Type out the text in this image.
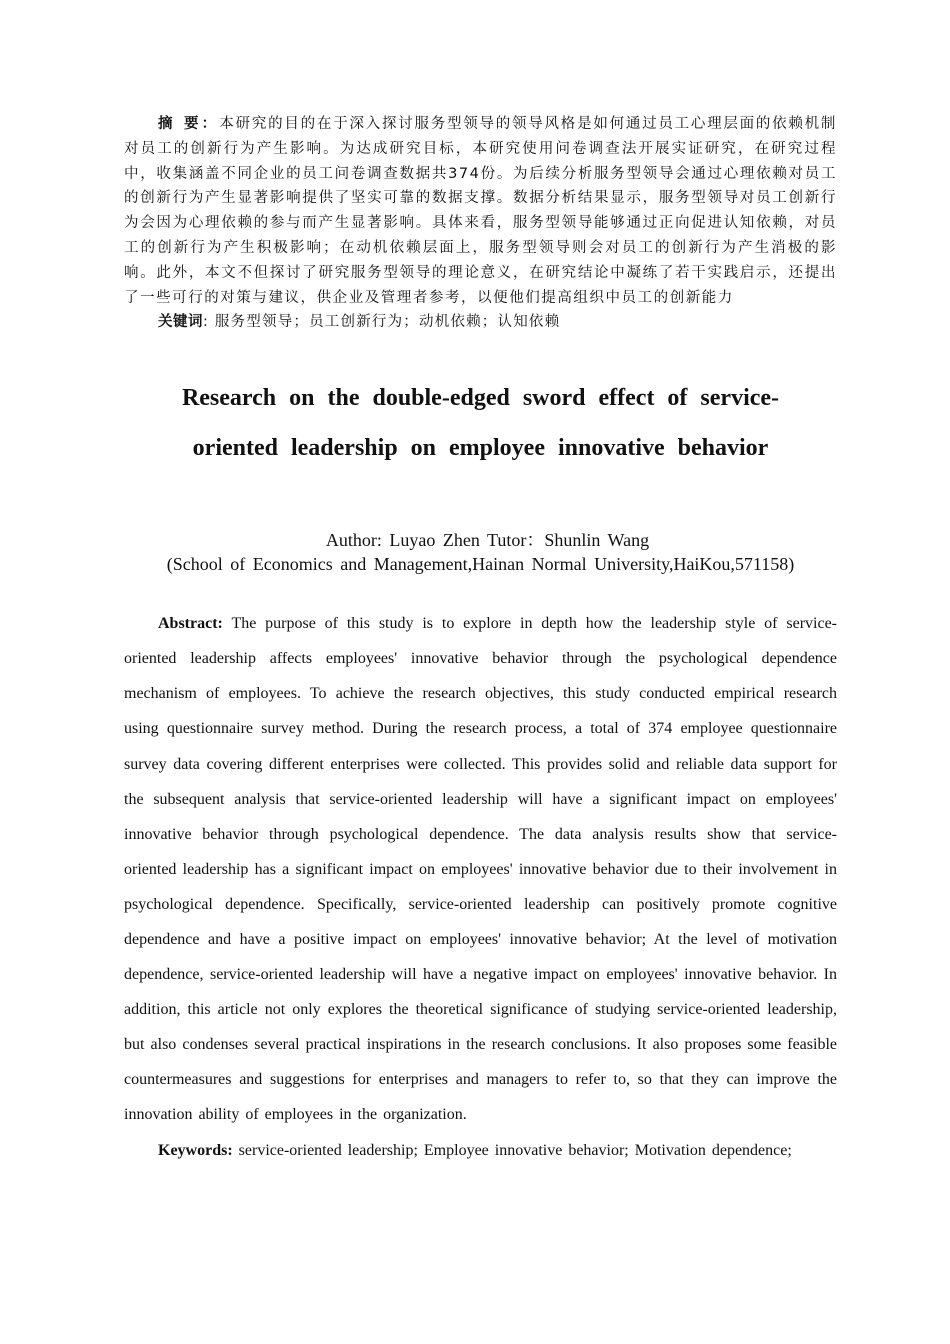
摘 要：本研究的目的在于深入探讨服务型领导的领导风格是如何通过员工心理层面的依赖机制对员工的创新行为产生影响。为达成研究目标，本研究使用问卷调查法开展实证研究，在研究过程中，收集涵盖不同企业的员工问卷调查数据共374份。为后续分析服务型领导会通过心理依赖对员工的创新行为产生显著影响提供了坚实可靠的数据支撑。数据分析结果显示，服务型领导对员工创新行为会因为心理依赖的参与而产生显著影响。具体来看，服务型领导能够通过正向促进认知依赖，对员工的创新行为产生积极影响；在动机依赖层面上，服务型领导则会对员工的创新行为产生消极的影响。此外，本文不但探讨了研究服务型领导的理论意义，在研究结论中凝练了若干实践启示，还提出了一些可行的对策与建议，供企业及管理者参考，以便他们提高组织中员工的创新能力

关键词: 服务型领导；员工创新行为；动机依赖；认知依赖

Research on the double-edged sword effect of service-
oriented leadership on employee innovative behavior
Author: Luyao Zhen Tutor：Shunlin Wang
(School of Economics and Management,Hainan Normal University,HaiKou,571158)

Abstract: The purpose of this study is to explore in depth how the leadership style of service-oriented leadership affects employees' innovative behavior through the psychological dependence mechanism of employees. To achieve the research objectives, this study conducted empirical research using questionnaire survey method. During the research process, a total of 374 employee questionnaire survey data covering different enterprises were collected. This provides solid and reliable data support for the subsequent analysis that service-oriented leadership will have a significant impact on employees' innovative behavior through psychological dependence. The data analysis results show that service-oriented leadership has a significant impact on employees' innovative behavior due to their involvement in psychological dependence. Specifically, service-oriented leadership can positively promote cognitive dependence and have a positive impact on employees' innovative behavior; At the level of motivation dependence, service-oriented leadership will have a negative impact on employees' innovative behavior. In addition, this article not only explores the theoretical significance of studying service-oriented leadership, but also condenses several practical inspirations in the research conclusions. It also proposes some feasible countermeasures and suggestions for enterprises and managers to refer to, so that they can improve the innovation ability of employees in the organization.

Keywords: service-oriented leadership; Employee innovative behavior; Motivation dependence;
